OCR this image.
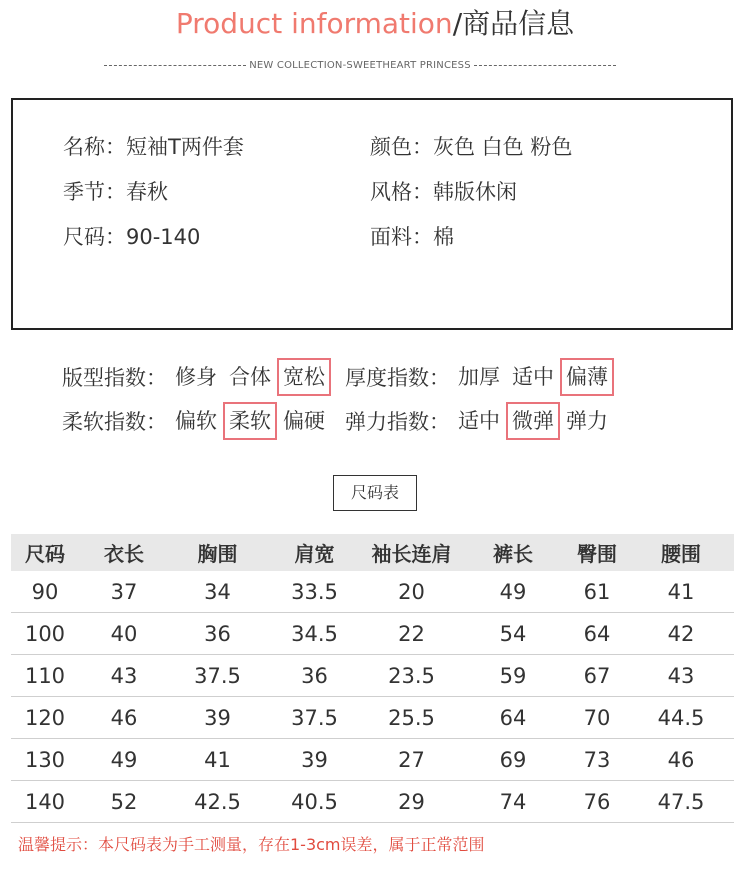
Product information/商品信息
NEW COLLECTION-SWEETHEART PRINCESS
名称：短袖T两件套	颜色：灰色 白色 粉色
季节：春秋	风格：韩版休闲
尺码：90-140	面料：棉
版型指数： 修身 合体 宽松 厚度指数： 加厚 适中 偏薄
柔软指数： 偏软 柔软 偏硬 弹力指数： 适中 微弹 弹力
尺码表
尺码	衣长	胸围	肩宽	袖长连肩	裤长	臀围	腰围
90	37	34	33.5	20	49	61	41
100	40	36	34.5	22	54	64	42
110	43	37.5	36	23.5	59	67	43
120	46	39	37.5	25.5	64	70	44.5
130	49	41	39	27	69	73	46
140	52	42.5	40.5	29	74	76	47.5
温馨提示：本尺码表为手工测量，存在1-3cm误差，属于正常范围
